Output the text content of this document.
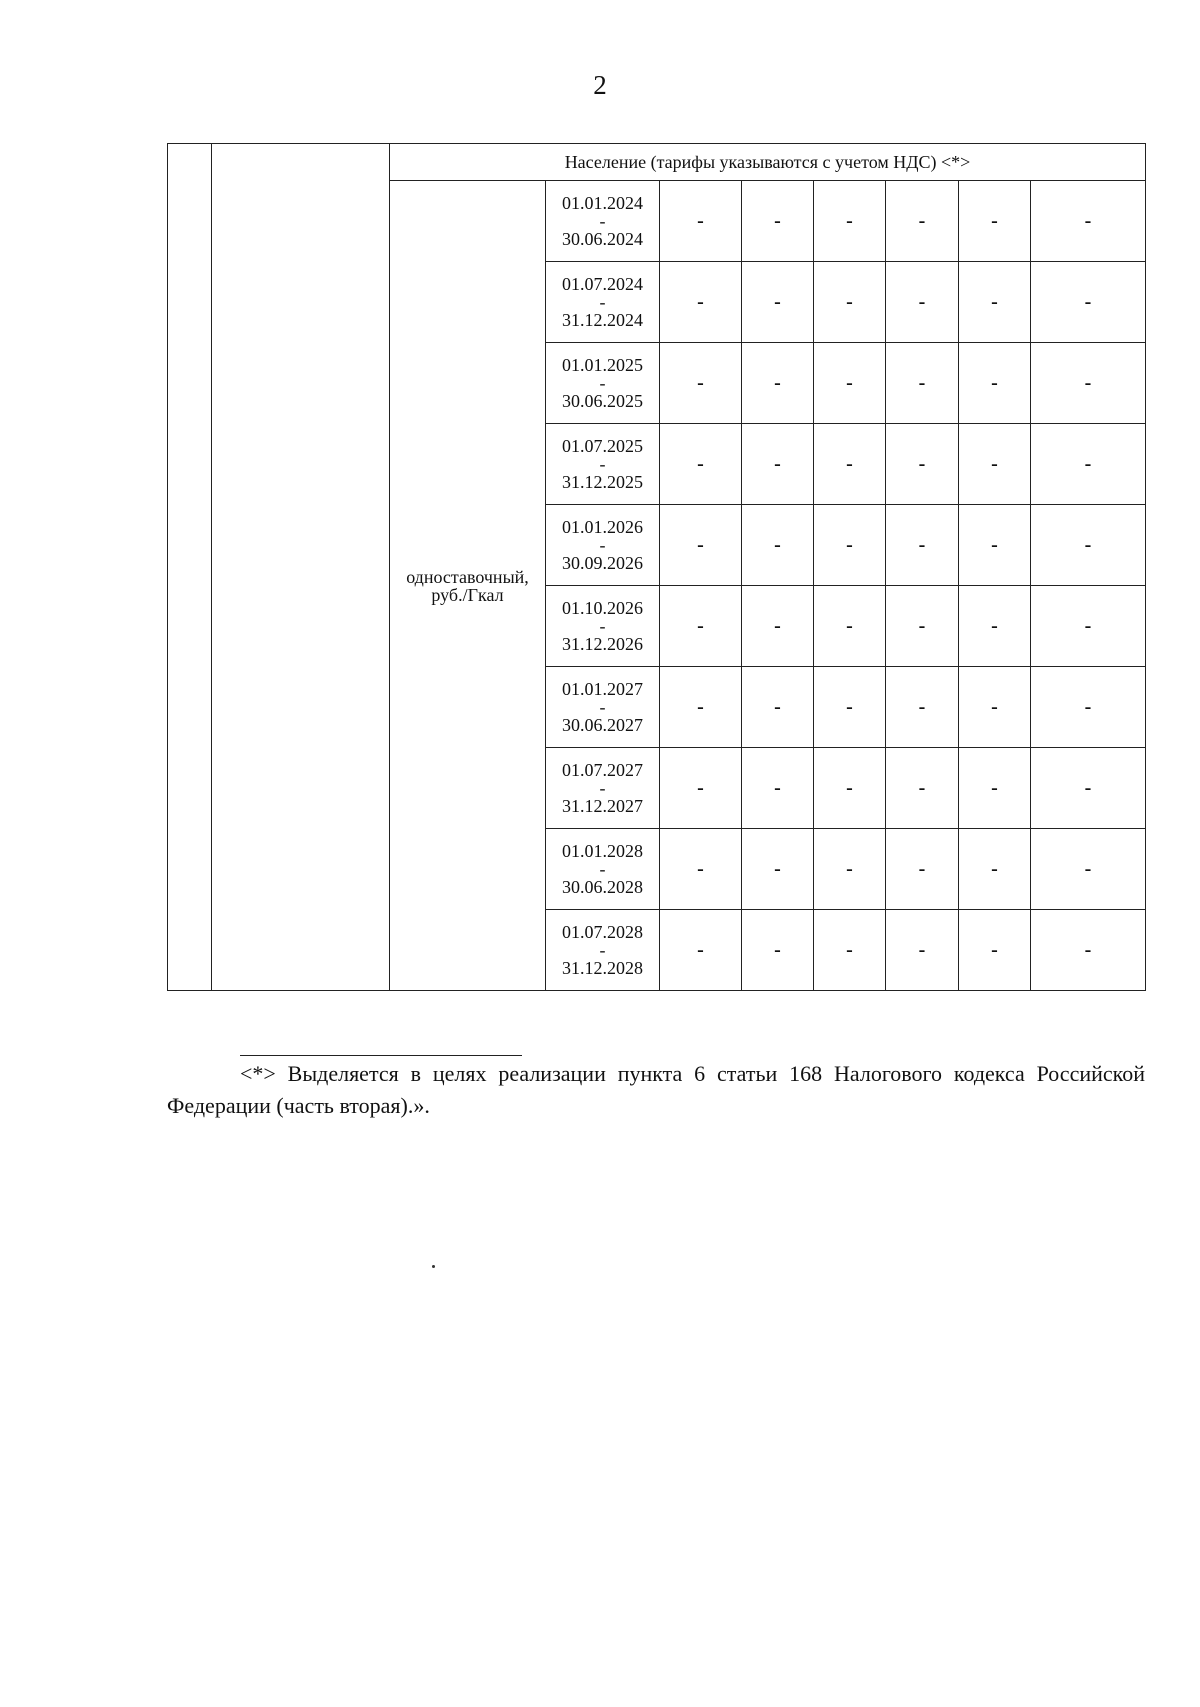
2
		Население (тарифы указываются с учетом НДС) <*>							
		одноставочный, руб./Гкал	01.01.2024
-
30.06.2024	-	-	-	-	-	-

			01.07.2024
-
31.12.2024	-	-	-	-	-	-

			01.01.2025
-
30.06.2025	-	-	-	-	-	-

			01.07.2025
-
31.12.2025	-	-	-	-	-	-

			01.01.2026
-
30.09.2026	-	-	-	-	-	-

			01.10.2026
-
31.12.2026	-	-	-	-	-	-

			01.01.2027
-
30.06.2027	-	-	-	-	-	-

			01.07.2027
-
31.12.2027	-	-	-	-	-	-

			01.01.2028
-
30.06.2028	-	-	-	-	-	-

			01.07.2028
-
31.12.2028	-	-	-	-	-	-
<*> Выделяется в целях реализации пункта 6 статьи 168 Налогового кодекса Российской Федерации (часть вторая).».
